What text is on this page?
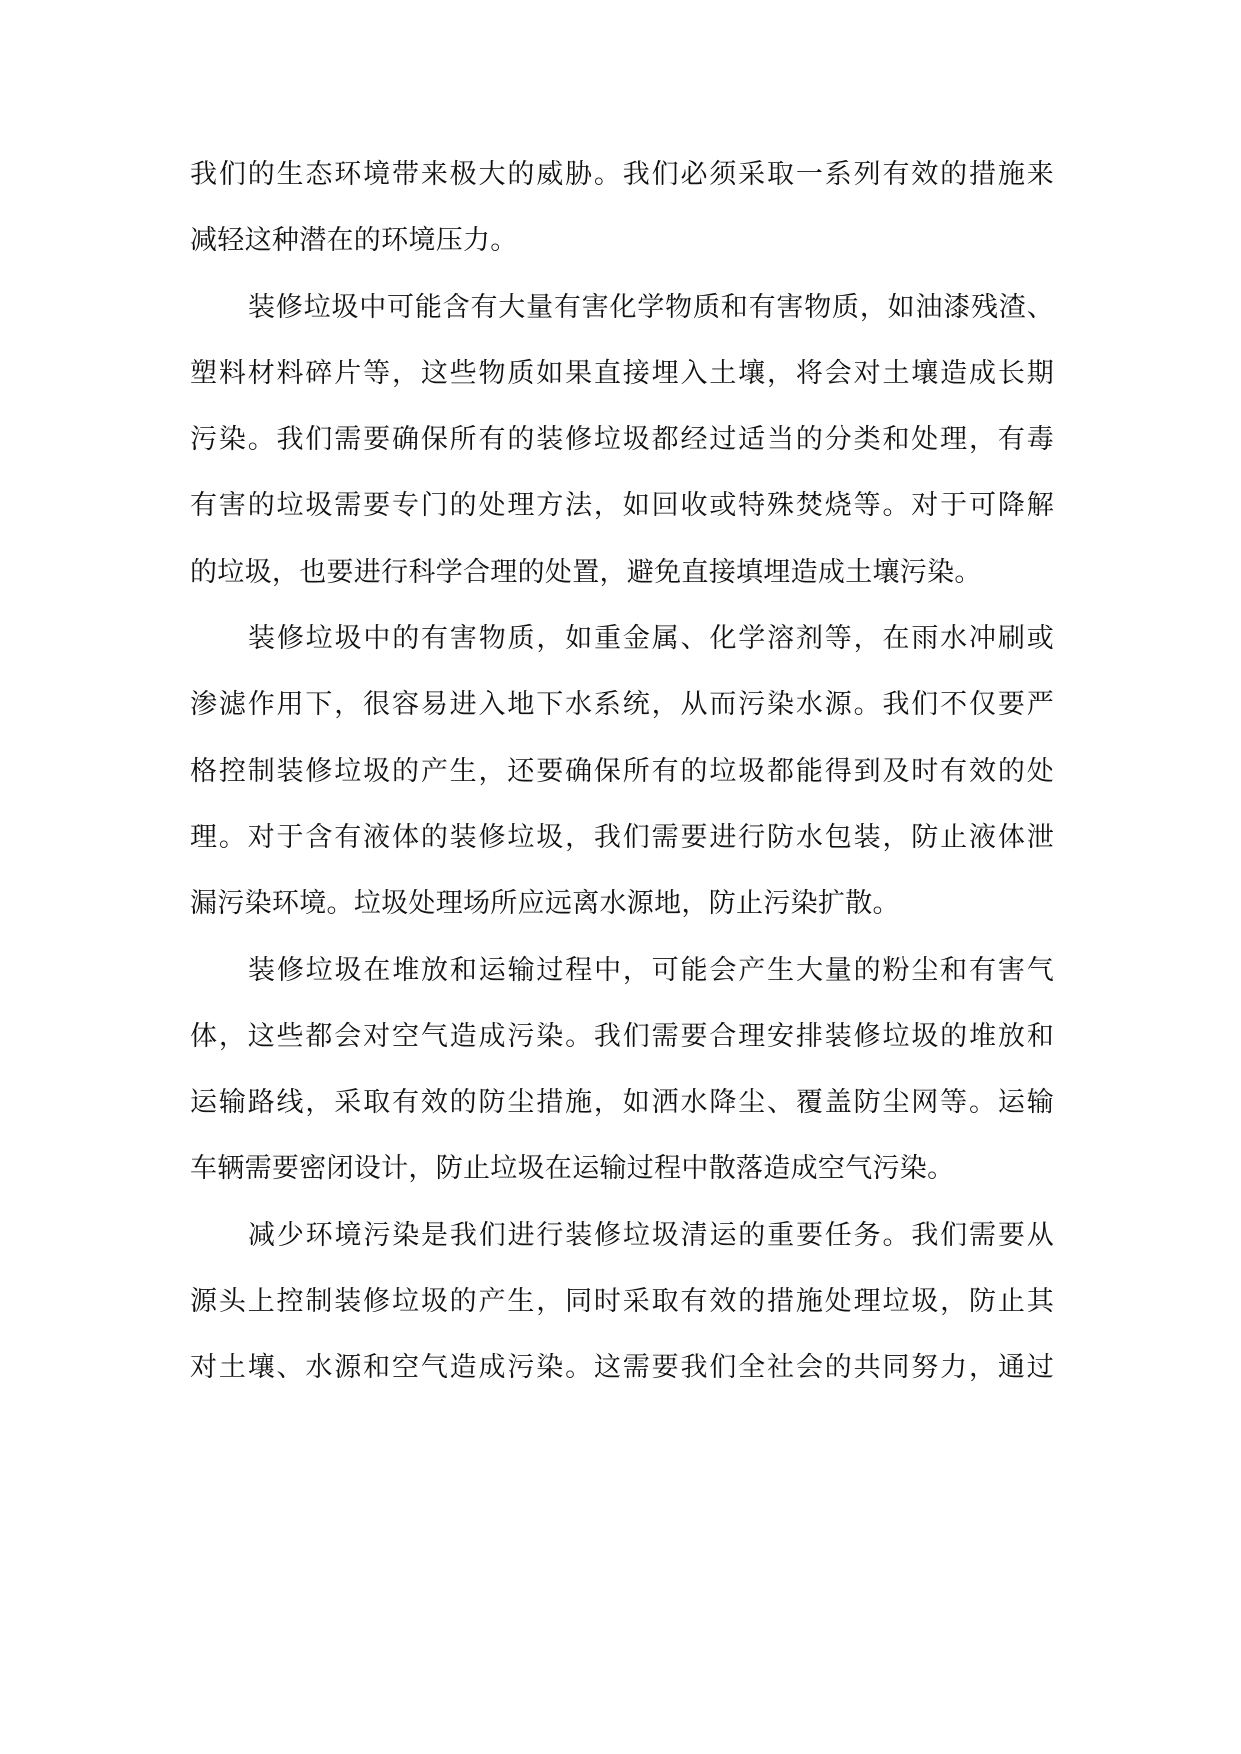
我们的生态环境带来极大的威胁。我们必须采取一系列有效的措施来
减轻这种潜在的环境压力。
装修垃圾中可能含有大量有害化学物质和有害物质，如油漆残渣、
塑料材料碎片等，这些物质如果直接埋入土壤，将会对土壤造成长期
污染。我们需要确保所有的装修垃圾都经过适当的分类和处理，有毒
有害的垃圾需要专门的处理方法，如回收或特殊焚烧等。对于可降解
的垃圾，也要进行科学合理的处置，避免直接填埋造成土壤污染。
装修垃圾中的有害物质，如重金属、化学溶剂等，在雨水冲刷或
渗滤作用下，很容易进入地下水系统，从而污染水源。我们不仅要严
格控制装修垃圾的产生，还要确保所有的垃圾都能得到及时有效的处
理。对于含有液体的装修垃圾，我们需要进行防水包装，防止液体泄
漏污染环境。垃圾处理场所应远离水源地，防止污染扩散。
装修垃圾在堆放和运输过程中，可能会产生大量的粉尘和有害气
体，这些都会对空气造成污染。我们需要合理安排装修垃圾的堆放和
运输路线，采取有效的防尘措施，如洒水降尘、覆盖防尘网等。运输
车辆需要密闭设计，防止垃圾在运输过程中散落造成空气污染。
减少环境污染是我们进行装修垃圾清运的重要任务。我们需要从
源头上控制装修垃圾的产生，同时采取有效的措施处理垃圾，防止其
对土壤、水源和空气造成污染。这需要我们全社会的共同努力，通过
